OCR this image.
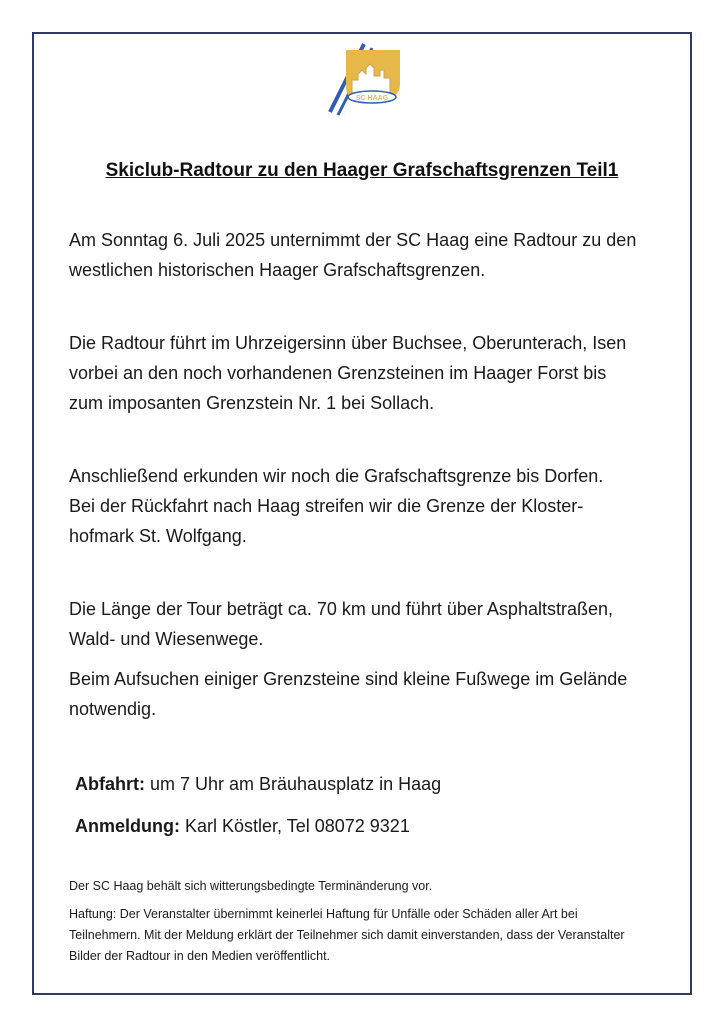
SC HAAG
Skiclub-Radtour zu den Haager Grafschaftsgrenzen Teil1
Am Sonntag 6. Juli 2025 unternimmt der SC Haag eine Radtour zu den
westlichen historischen Haager Grafschaftsgrenzen.
Die Radtour führt im Uhrzeigersinn über Buchsee, Oberunterach, Isen
vorbei an den noch vorhandenen Grenzsteinen im Haager Forst bis
zum imposanten Grenzstein Nr. 1 bei Sollach.
Anschließend erkunden wir noch die Grafschaftsgrenze bis Dorfen.
Bei der Rückfahrt nach Haag streifen wir die Grenze der Kloster-
hofmark St. Wolfgang.
Die Länge der Tour beträgt ca. 70 km und führt über Asphaltstraßen,
Wald- und Wiesenwege.
Beim Aufsuchen einiger Grenzsteine sind kleine Fußwege im Gelände
notwendig.
Abfahrt: um 7 Uhr am Bräuhausplatz in Haag
Anmeldung: Karl Köstler, Tel 08072 9321
Der SC Haag behält sich witterungsbedingte Terminänderung vor.
Haftung: Der Veranstalter übernimmt keinerlei Haftung für Unfälle oder Schäden aller Art bei
Teilnehmern. Mit der Meldung erklärt der Teilnehmer sich damit einverstanden, dass der Veranstalter
Bilder der Radtour in den Medien veröffentlicht.
